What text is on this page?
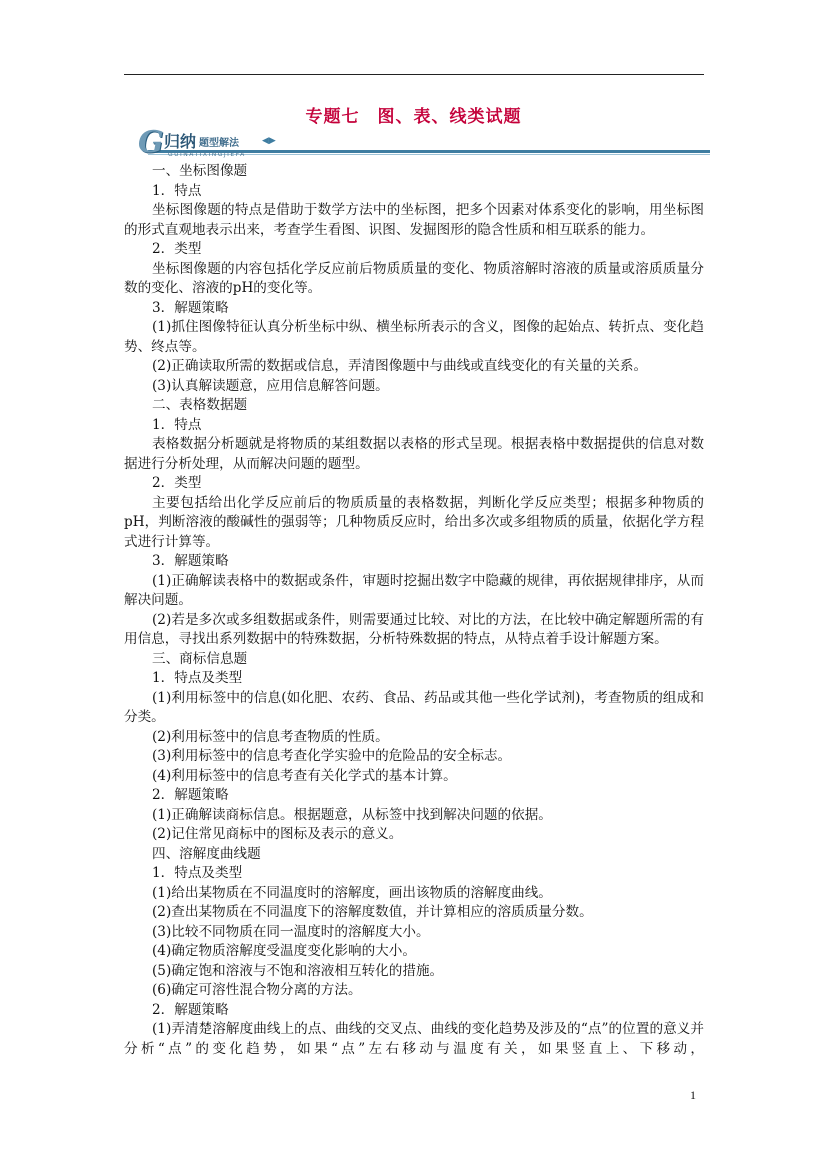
专题七　图、表、线类试题
G 归纳 题型解法
GUINATIXINGJIEFA
◀▶

一、坐标图像题

1．特点

坐标图像题的特点是借助于数学方法中的坐标图，把多个因素对体系变化的影响，用坐标图的形式直观地表示出来，考查学生看图、识图、发掘图形的隐含性质和相互联系的能力。

2．类型

坐标图像题的内容包括化学反应前后物质质量的变化、物质溶解时溶液的质量或溶质质量分数的变化、溶液的pH的变化等。

3．解题策略

(1)抓住图像特征认真分析坐标中纵、横坐标所表示的含义，图像的起始点、转折点、变化趋势、终点等。

(2)正确读取所需的数据或信息，弄清图像题中与曲线或直线变化的有关量的关系。

(3)认真解读题意，应用信息解答问题。

二、表格数据题

1．特点

表格数据分析题就是将物质的某组数据以表格的形式呈现。根据表格中数据提供的信息对数据进行分析处理，从而解决问题的题型。

2．类型

主要包括给出化学反应前后的物质质量的表格数据，判断化学反应类型；根据多种物质的pH，判断溶液的酸碱性的强弱等；几种物质反应时，给出多次或多组物质的质量，依据化学方程式进行计算等。

3．解题策略

(1)正确解读表格中的数据或条件，审题时挖掘出数字中隐藏的规律，再依据规律排序，从而解决问题。

(2)若是多次或多组数据或条件，则需要通过比较、对比的方法，在比较中确定解题所需的有用信息，寻找出系列数据中的特殊数据，分析特殊数据的特点，从特点着手设计解题方案。

三、商标信息题

1．特点及类型

(1)利用标签中的信息(如化肥、农药、食品、药品或其他一些化学试剂)，考查物质的组成和分类。

(2)利用标签中的信息考查物质的性质。

(3)利用标签中的信息考查化学实验中的危险品的安全标志。

(4)利用标签中的信息考查有关化学式的基本计算。

2．解题策略

(1)正确解读商标信息。根据题意，从标签中找到解决问题的依据。

(2)记住常见商标中的图标及表示的意义。

四、溶解度曲线题

1．特点及类型

(1)给出某物质在不同温度时的溶解度，画出该物质的溶解度曲线。

(2)查出某物质在不同温度下的溶解度数值，并计算相应的溶质质量分数。

(3)比较不同物质在同一温度时的溶解度大小。

(4)确定物质溶解度受温度变化影响的大小。

(5)确定饱和溶液与不饱和溶液相互转化的措施。

(6)确定可溶性混合物分离的方法。

2．解题策略

(1)弄清楚溶解度曲线上的点、曲线的交叉点、曲线的变化趋势及涉及的“点”的位置的意义并分析“点”的变化趋势，如果“点”左右移动与温度有关，如果竖直上、下移动，

1
